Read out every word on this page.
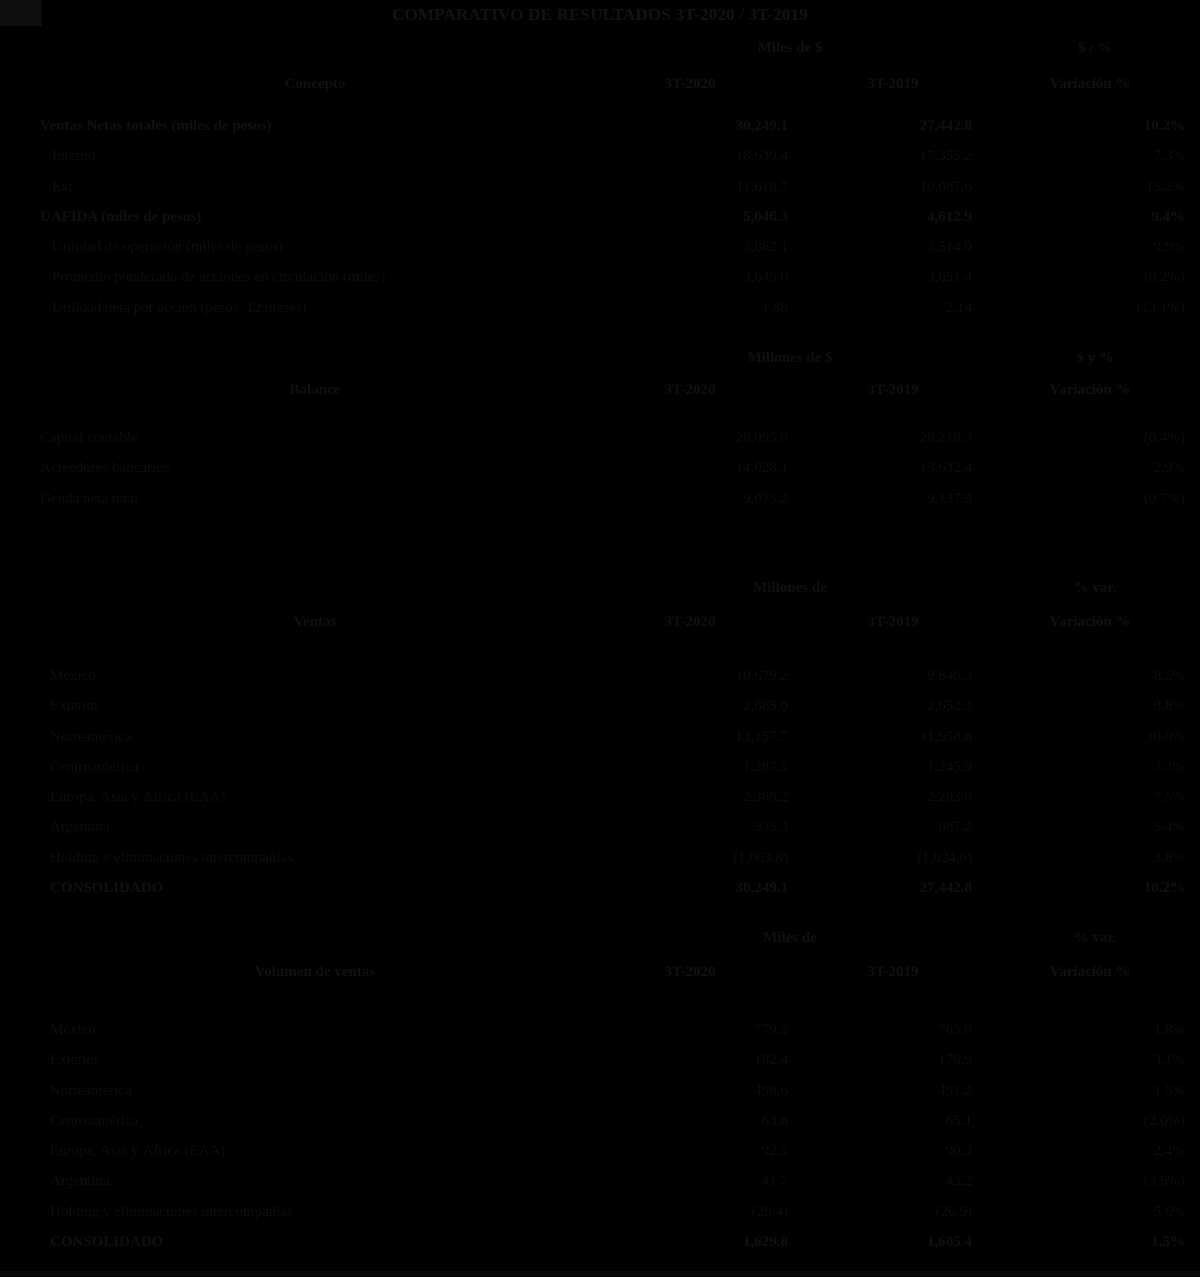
COMPARATIVO DE RESULTADOS 3T-2020 / 3T-2019
Miles de $	$ / %
Concepto	3T-2020	3T-2019	Variación %
Ventas Netas totales (miles de pesos)	30,249.1	27,442.8	10.2%
Interno	18,630.4	17,355.2	7.3%
Ext.	11,618.7	10,087.6	15.2%
UAFIDA (miles de pesos)	5,046.3	4,612.9	9.4%
Utilidad de operación (miles de pesos)	3,862.1	3,514.0	9.9%
Promedio ponderado de acciones en circulación (miles)	3,645.0	3,651.4	(0.2%)
Utilidad neta por acción (pesos, 12 meses)	1.86	2.14	(13.1%)
Millones de $	$ y %
Balance	3T-2020	3T-2019	Variación %
Capital contable	28,095.6	28,218.3	(0.4%)
Acreedores bancarios	14,028.1	13,632.4	2.9%
Deuda neta total	9,073.2	9,137.9	(0.7%)
Millones de	% var.
Ventas	3T-2020	3T-2019	Variación %
México	10,679.2	9,846.3	8.5%
Exterior	2,885.0	2,652.3	8.8%
Norteamérica	13,157.7	11,958.8	10.0%
Centroamérica	1,287.5	1,245.9	3.3%
Europa, Asia y África (EAA)	2,368.2	2,203.6	7.5%
Argentina	935.3	887.2	5.4%
Holding y eliminaciones intercompañías	(1,063.8)	(1,024.6)	3.8%
CONSOLIDADO	30,249.1	27,442.8	10.2%
Miles de	% var.
Volumen de ventas	3T-2020	3T-2019	Variación %
México	779.2	765.6	1.8%
Exterior	182.4	176.9	3.1%
Norteamérica	498.6	491.2	1.5%
Centroamérica	63.8	65.1	(2.0%)
Europa, Asia y África (EAA)	92.5	90.3	2.4%
Argentina	41.7	43.2	(3.5%)
Holding y eliminaciones intercompañías	(28.4)	(26.9)	5.6%
CONSOLIDADO	1,629.8	1,605.4	1.5%
